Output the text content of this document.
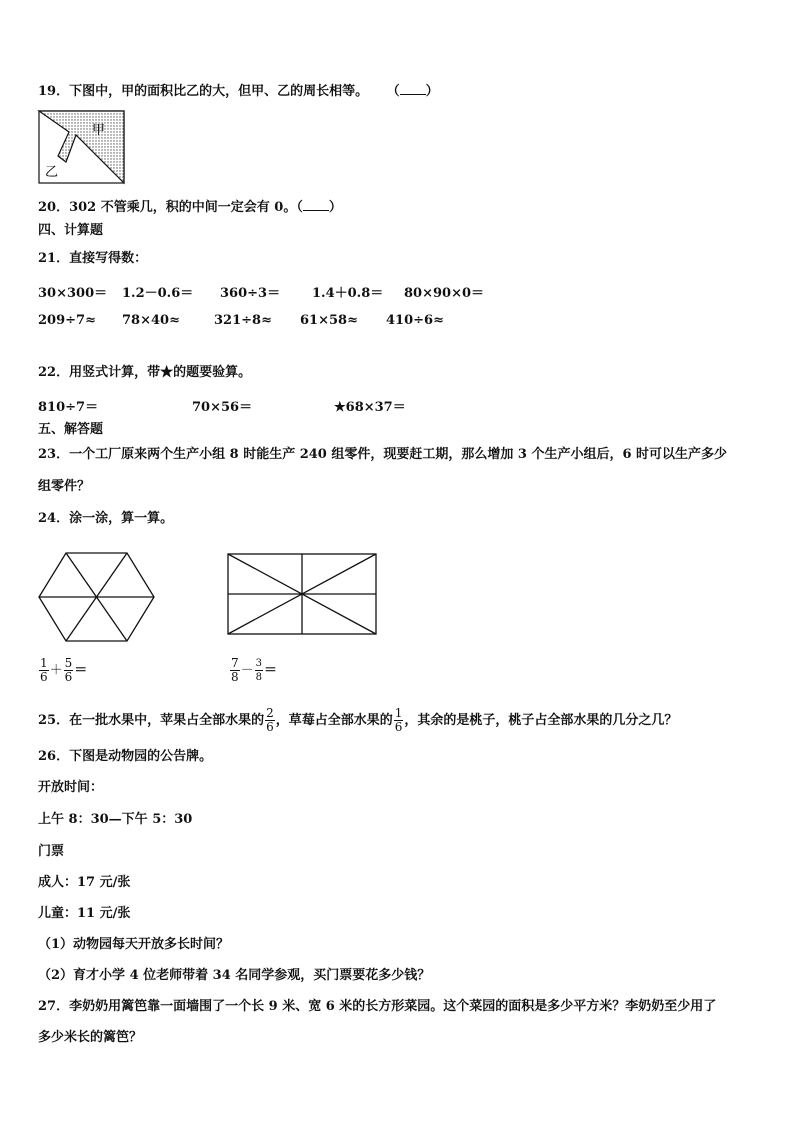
19．下图中，甲的面积比乙的大，但甲、乙的周长相等。 （ ）
甲
乙
20．302 不管乘几，积的中间一定会有 0。（ ）
四、计算题
21．直接写得数：
30×300＝ 1.2－0.6＝ 360÷3＝ 1.4＋0.8＝ 80×90×0＝
209÷7≈ 78×40≈	321÷8≈ 61×58≈ 410÷6≈
22．用竖式计算，带★的题要验算。
810÷7＝	70×56＝	★68×37＝
五、解答题
23．一个工厂原来两个生产小组 8 时能生产 240 组零件，现要赶工期，那么增加 3 个生产小组后，6 时可以生产多少
组零件？
24．涂一涂，算一算。
$\frac{1}{6} + \frac{5}{6}$ ＝	$\frac{7}{8} - \frac{3}{8}$ ＝
25．在一批水果中，苹果占全部水果的 $\frac{2}{6}$ ，草莓占全部水果的 $\frac{1}{6}$ ，其余的是桃子，桃子占全部水果的几分之几？
26．下图是动物园的公告牌。
开放时间：
上午 8：30—下午 5：30
门票
成人：17 元/张
儿童：11 元/张
（1）动物园每天开放多长时间？
（2）育才小学 4 位老师带着 34 名同学参观，买门票要花多少钱？
27．李奶奶用篱笆靠一面墙围了一个长 9 米、宽 6 米的长方形菜园。这个菜园的面积是多少平方米？李奶奶至少用了
多少米长的篱笆？
